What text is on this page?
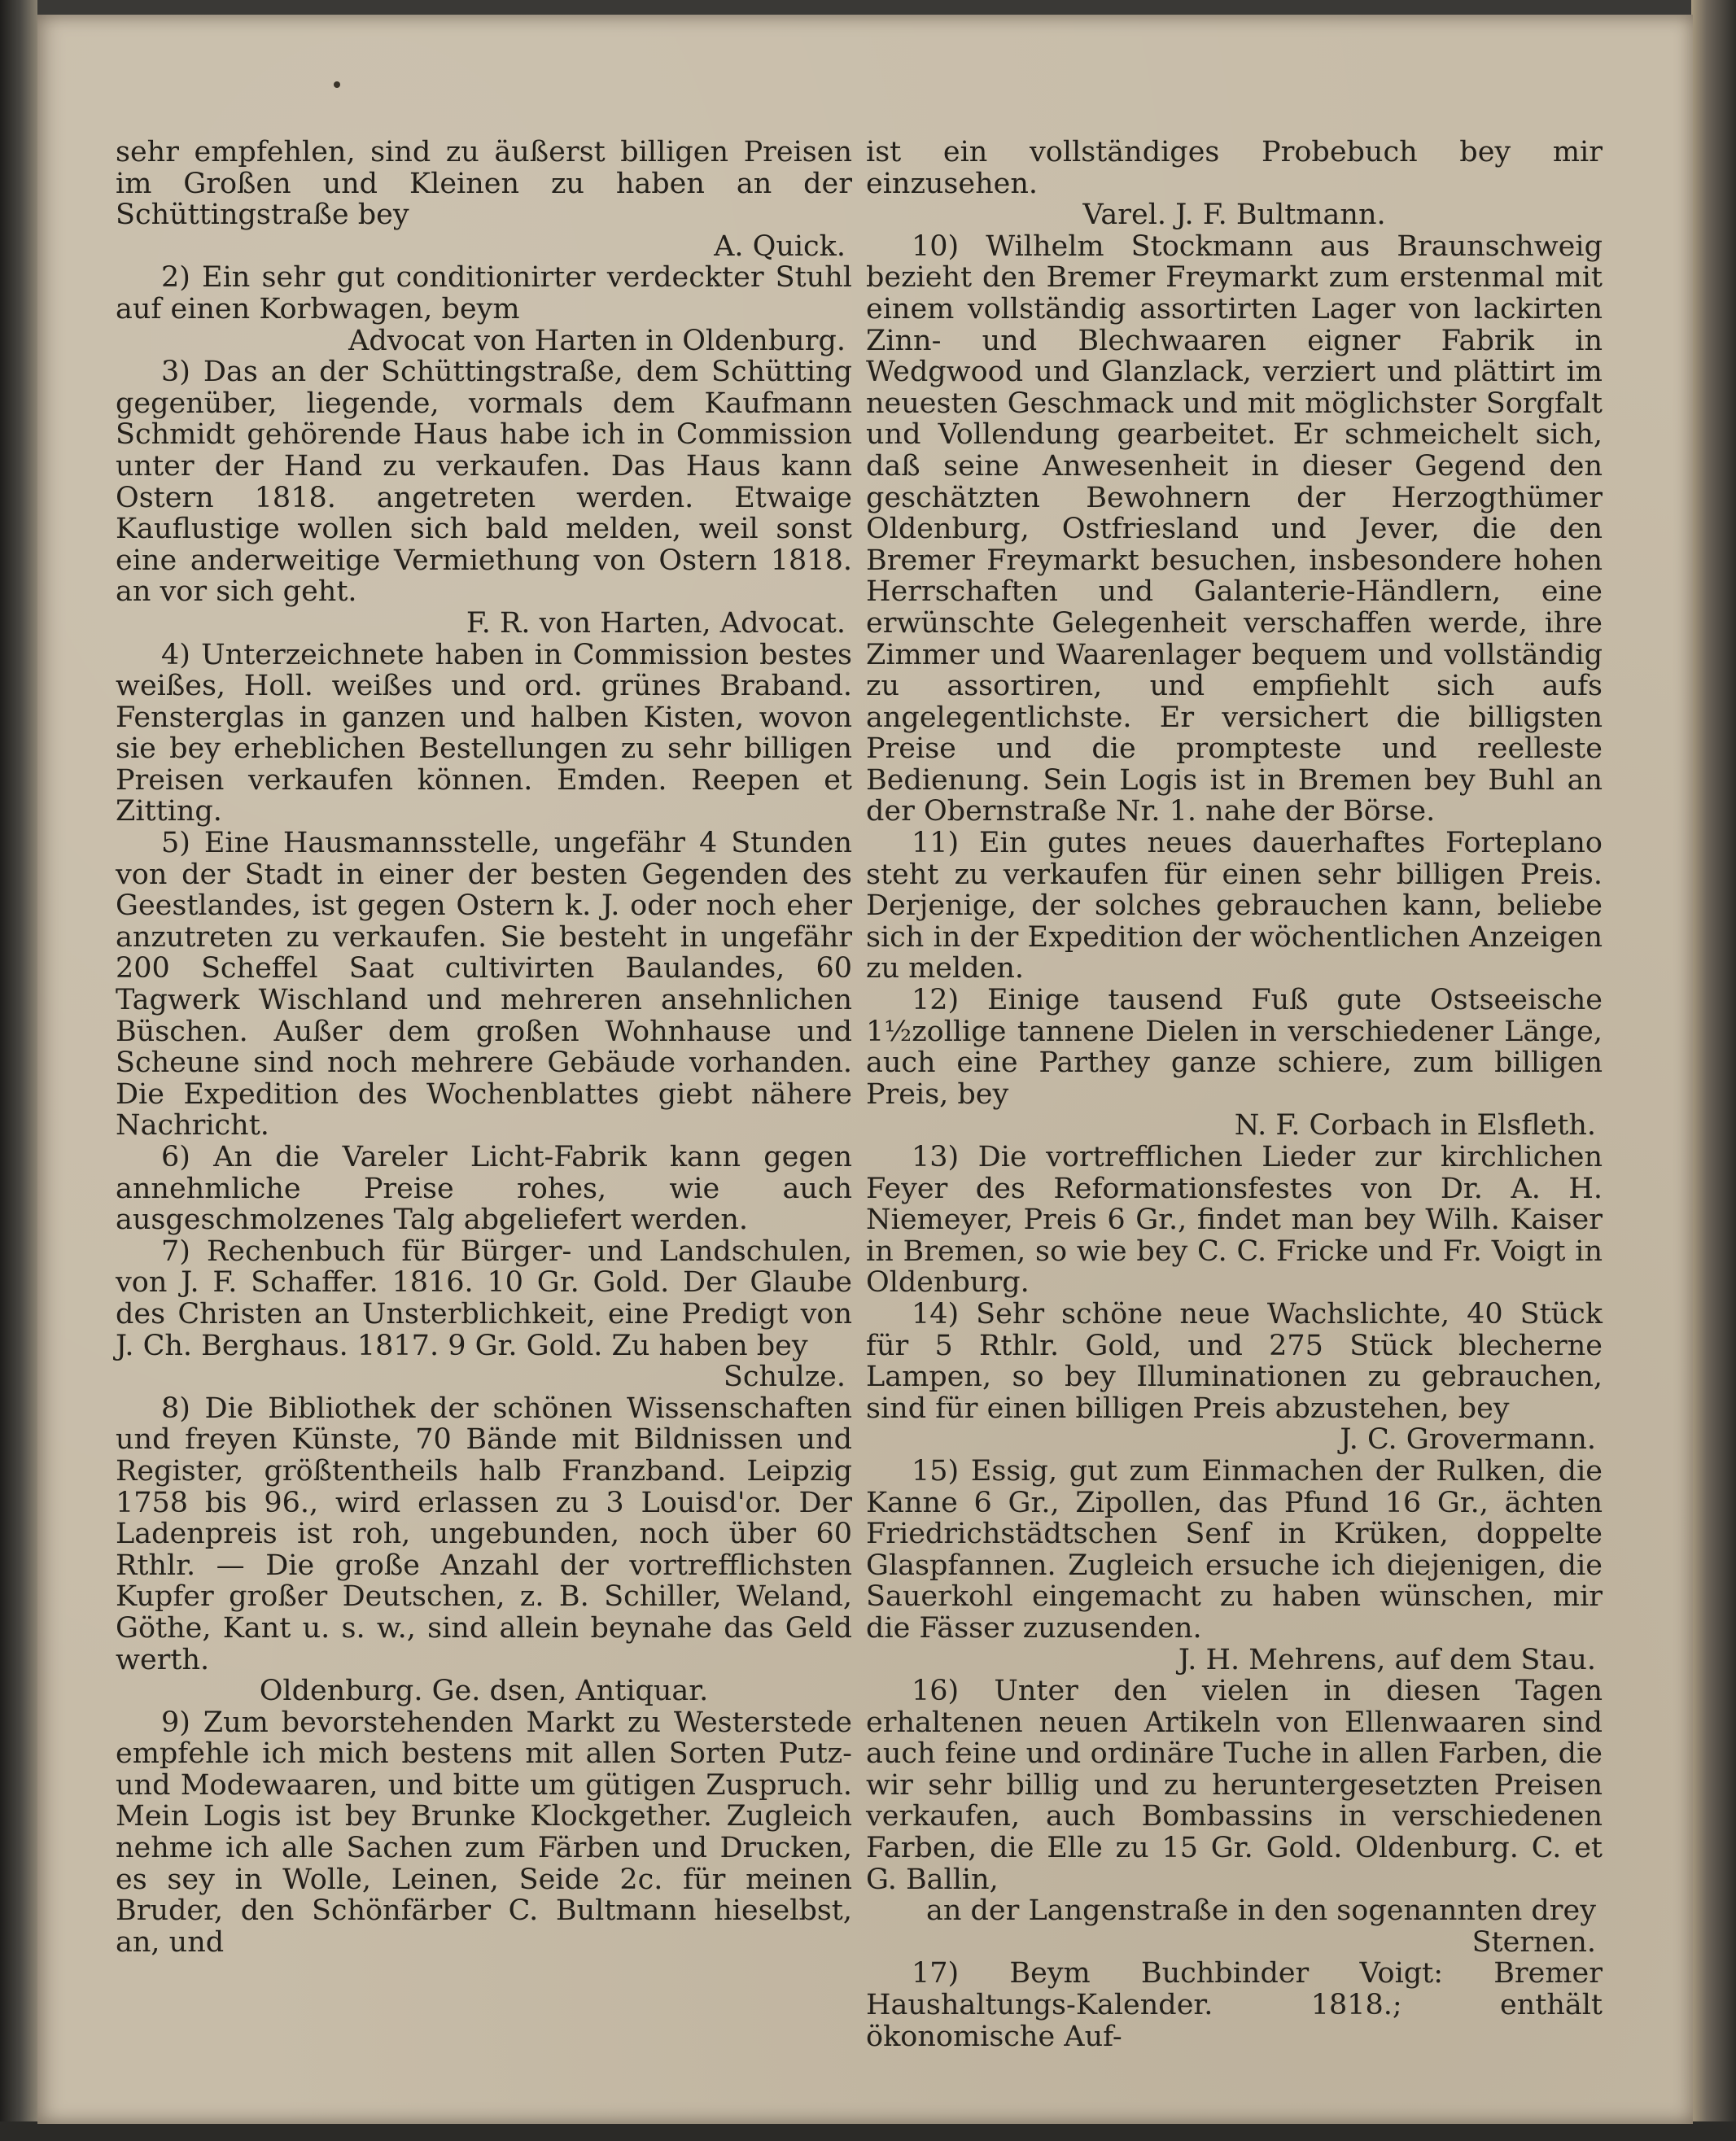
sehr empfehlen, sind zu äußerst billigen Preisen im Großen und Kleinen zu haben an der Schüttingstraße bey
A. Quick.

2) Ein sehr gut conditionirter verdeckter Stuhl auf einen Korbwagen, beym
Advocat von Harten in Oldenburg.

3) Das an der Schüttingstraße, dem Schütting gegenüber, liegende, vormals dem Kaufmann Schmidt gehörende Haus habe ich in Commission unter der Hand zu verkaufen. Das Haus kann Ostern 1818. angetreten werden. Etwaige Kauflustige wollen sich bald melden, weil sonst eine anderweitige Vermiethung von Ostern 1818. an vor sich geht.
F. R. von Harten, Advocat.

4) Unterzeichnete haben in Commission bestes weißes, Holl. weißes und ord. grünes Braband. Fensterglas in ganzen und halben Kisten, wovon sie bey erheblichen Bestellungen zu sehr billigen Preisen verkaufen können. Emden. Reepen et Zitting.

5) Eine Hausmannsstelle, ungefähr 4 Stunden von der Stadt in einer der besten Gegenden des Geestlandes, ist gegen Ostern k. J. oder noch eher anzutreten zu verkaufen. Sie besteht in ungefähr 200 Scheffel Saat cultivirten Baulandes, 60 Tagwerk Wischland und mehreren ansehnlichen Büschen. Außer dem großen Wohnhause und Scheune sind noch mehrere Gebäude vorhanden. Die Expedition des Wochenblattes giebt nähere Nachricht.

6) An die Vareler Licht-Fabrik kann gegen annehmliche Preise rohes, wie auch ausgeschmolzenes Talg abgeliefert werden.

7) Rechenbuch für Bürger- und Landschulen, von J. F. Schaffer. 1816. 10 Gr. Gold. Der Glaube des Christen an Unsterblichkeit, eine Predigt von J. Ch. Berghaus. 1817. 9 Gr. Gold. Zu haben bey
Schulze.

8) Die Bibliothek der schönen Wissenschaften und freyen Künste, 70 Bände mit Bildnissen und Register, größtentheils halb Franzband. Leipzig 1758 bis 96., wird erlassen zu 3 Louisd'or. Der Ladenpreis ist roh, ungebunden, noch über 60 Rthlr. — Die große Anzahl der vortrefflichsten Kupfer großer Deutschen, z. B. Schiller, Weland, Göthe, Kant u. s. w., sind allein beynahe das Geld werth.
Oldenburg. Ge. dsen, Antiquar.

9) Zum bevorstehenden Markt zu Westerstede empfehle ich mich bestens mit allen Sorten Putz- und Modewaaren, und bitte um gütigen Zuspruch. Mein Logis ist bey Brunke Klockgether. Zugleich nehme ich alle Sachen zum Färben und Drucken, es sey in Wolle, Leinen, Seide 2c. für meinen Bruder, den Schönfärber C. Bultmann hieselbst, an, und

ist ein vollständiges Probebuch bey mir einzusehen.
Varel. J. F. Bultmann.

10) Wilhelm Stockmann aus Braunschweig bezieht den Bremer Freymarkt zum erstenmal mit einem vollständig assortirten Lager von lackirten Zinn- und Blechwaaren eigner Fabrik in Wedgwood und Glanzlack, verziert und plättirt im neuesten Geschmack und mit möglichster Sorgfalt und Vollendung gearbeitet. Er schmeichelt sich, daß seine Anwesenheit in dieser Gegend den geschätzten Bewohnern der Herzogthümer Oldenburg, Ostfriesland und Jever, die den Bremer Freymarkt besuchen, insbesondere hohen Herrschaften und Galanterie-Händlern, eine erwünschte Gelegenheit verschaffen werde, ihre Zimmer und Waarenlager bequem und vollständig zu assortiren, und empfiehlt sich aufs angelegentlichste. Er versichert die billigsten Preise und die prompteste und reelleste Bedienung. Sein Logis ist in Bremen bey Buhl an der Obernstraße Nr. 1. nahe der Börse.

11) Ein gutes neues dauerhaftes Forteplano steht zu verkaufen für einen sehr billigen Preis. Derjenige, der solches gebrauchen kann, beliebe sich in der Expedition der wöchentlichen Anzeigen zu melden.

12) Einige tausend Fuß gute Ostseeische 1½zollige tannene Dielen in verschiedener Länge, auch eine Parthey ganze schiere, zum billigen Preis, bey
N. F. Corbach in Elsfleth.

13) Die vortrefflichen Lieder zur kirchlichen Feyer des Reformationsfestes von Dr. A. H. Niemeyer, Preis 6 Gr., findet man bey Wilh. Kaiser in Bremen, so wie bey C. C. Fricke und Fr. Voigt in Oldenburg.

14) Sehr schöne neue Wachslichte, 40 Stück für 5 Rthlr. Gold, und 275 Stück blecherne Lampen, so bey Illuminationen zu gebrauchen, sind für einen billigen Preis abzustehen, bey
J. C. Grovermann.

15) Essig, gut zum Einmachen der Rulken, die Kanne 6 Gr., Zipollen, das Pfund 16 Gr., ächten Friedrichstädtschen Senf in Krüken, doppelte Glaspfannen. Zugleich ersuche ich diejenigen, die Sauerkohl eingemacht zu haben wünschen, mir die Fässer zuzusenden.
J. H. Mehrens, auf dem Stau.

16) Unter den vielen in diesen Tagen erhaltenen neuen Artikeln von Ellenwaaren sind auch feine und ordinäre Tuche in allen Farben, die wir sehr billig und zu heruntergesetzten Preisen verkaufen, auch Bombassins in verschiedenen Farben, die Elle zu 15 Gr. Gold. Oldenburg. C. et G. Ballin,
an der Langenstraße in den sogenannten drey Sternen.

17) Beym Buchbinder Voigt: Bremer Haushaltungs-Kalender. 1818.; enthält ökonomische Auf-
